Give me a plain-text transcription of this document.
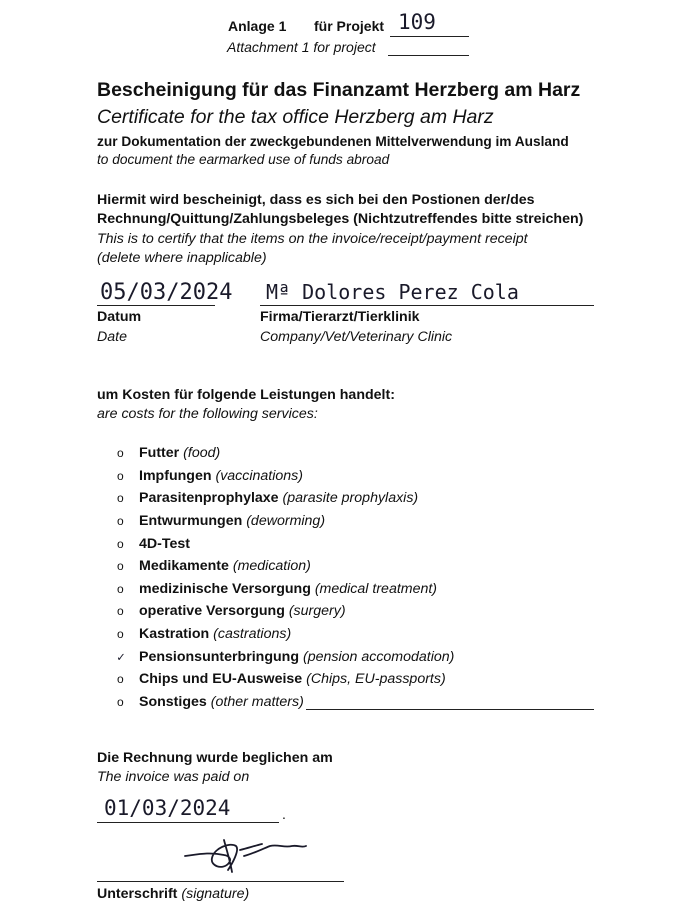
Anlage 1 für Projekt 109
Attachment 1 for project
Bescheinigung für das Finanzamt Herzberg am Harz
Certificate for the tax office Herzberg am Harz
zur Dokumentation der zweckgebundenen Mittelverwendung im Ausland
to document the earmarked use of funds abroad
Hiermit wird bescheinigt, dass es sich bei den Postionen der/des
Rechnung/Quittung/Zahlungsbeleges (Nichtzutreffendes bitte streichen)
This is to certify that the items on the invoice/receipt/payment receipt
(delete where inapplicable)
05/03/2024 Mª Dolores Perez Cola
Datum
Date
Firma/Tierarzt/Tierklinik
Company/Vet/Veterinary Clinic
um Kosten für folgende Leistungen handelt:
are costs for the following services:
o Futter (food)
o Impfungen (vaccinations)
o Parasitenprophylaxe (parasite prophylaxis)
o Entwurmungen (deworming)
o 4D-Test
o Medikamente (medication)
o medizinische Versorgung (medical treatment)
o operative Versorgung (surgery)
o Kastration (castrations)
✓ Pensionsunterbringung (pension accomodation)
o Chips und EU-Ausweise (Chips, EU-passports)
o Sonstiges (other matters)
Die Rechnung wurde beglichen am
The invoice was paid on
01/03/2024	.
Unterschrift (signature)
